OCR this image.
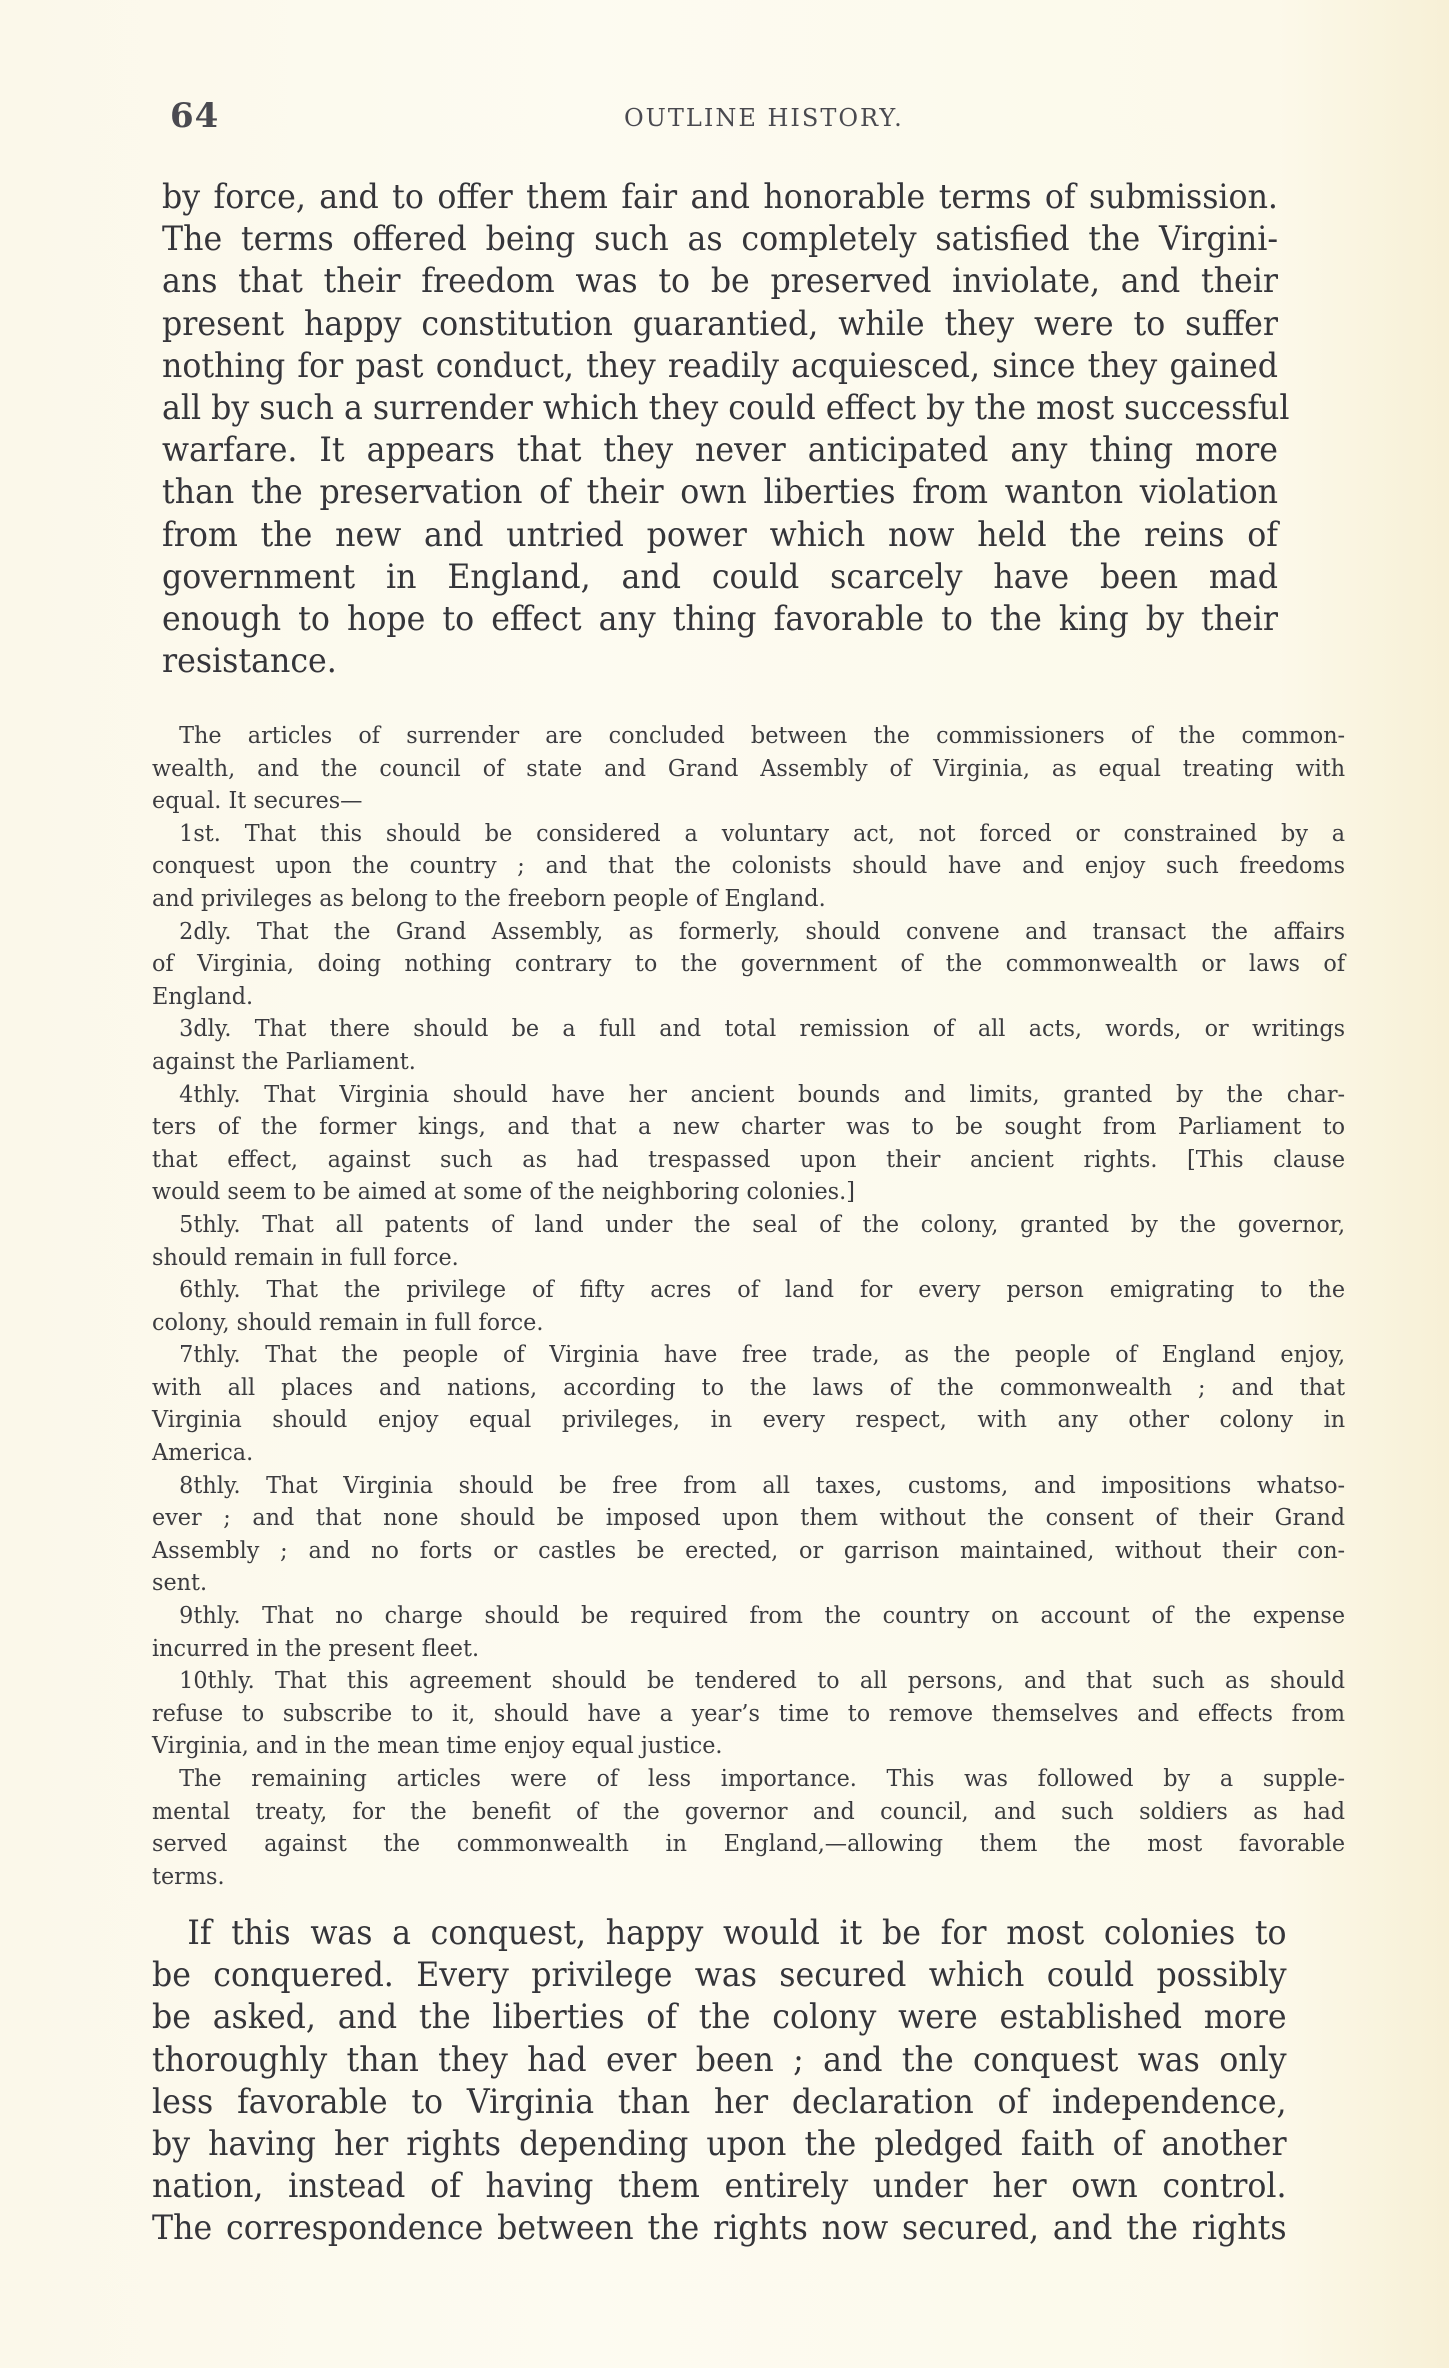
64	OUTLINE HISTORY.
by force, and to offer them fair and honorable terms of submission.
The terms offered being such as completely satisfied the Virgini-
ans that their freedom was to be preserved inviolate, and their
present happy constitution guarantied, while they were to suffer
nothing for past conduct, they readily acquiesced, since they gained
all by such a surrender which they could effect by the most successful
warfare. It appears that they never anticipated any thing more
than the preservation of their own liberties from wanton violation
from the new and untried power which now held the reins of
government in England, and could scarcely have been mad
enough to hope to effect any thing favorable to the king by their
resistance.
The articles of surrender are concluded between the commissioners of the common-
wealth, and the council of state and Grand Assembly of Virginia, as equal treating with
equal. It secures—
1st. That this should be considered a voluntary act, not forced or constrained by a
conquest upon the country ; and that the colonists should have and enjoy such freedoms
and privileges as belong to the freeborn people of England.
2dly. That the Grand Assembly, as formerly, should convene and transact the affairs
of Virginia, doing nothing contrary to the government of the commonwealth or laws of
England.
3dly. That there should be a full and total remission of all acts, words, or writings
against the Parliament.
4thly. That Virginia should have her ancient bounds and limits, granted by the char-
ters of the former kings, and that a new charter was to be sought from Parliament to
that effect, against such as had trespassed upon their ancient rights. [This clause
would seem to be aimed at some of the neighboring colonies.]
5thly. That all patents of land under the seal of the colony, granted by the governor,
should remain in full force.
6thly. That the privilege of fifty acres of land for every person emigrating to the
colony, should remain in full force.
7thly. That the people of Virginia have free trade, as the people of England enjoy,
with all places and nations, according to the laws of the commonwealth ; and that
Virginia should enjoy equal privileges, in every respect, with any other colony in
America.
8thly. That Virginia should be free from all taxes, customs, and impositions whatso-
ever ; and that none should be imposed upon them without the consent of their Grand
Assembly ; and no forts or castles be erected, or garrison maintained, without their con-
sent.
9thly. That no charge should be required from the country on account of the expense
incurred in the present fleet.
10thly. That this agreement should be tendered to all persons, and that such as should
refuse to subscribe to it, should have a year’s time to remove themselves and effects from
Virginia, and in the mean time enjoy equal justice.
The remaining articles were of less importance. This was followed by a supple-
mental treaty, for the benefit of the governor and council, and such soldiers as had
served against the commonwealth in England,—allowing them the most favorable
terms.
If this was a conquest, happy would it be for most colonies to
be conquered. Every privilege was secured which could possibly
be asked, and the liberties of the colony were established more
thoroughly than they had ever been ; and the conquest was only
less favorable to Virginia than her declaration of independence,
by having her rights depending upon the pledged faith of another
nation, instead of having them entirely under her own control.
The correspondence between the rights now secured, and the rights
